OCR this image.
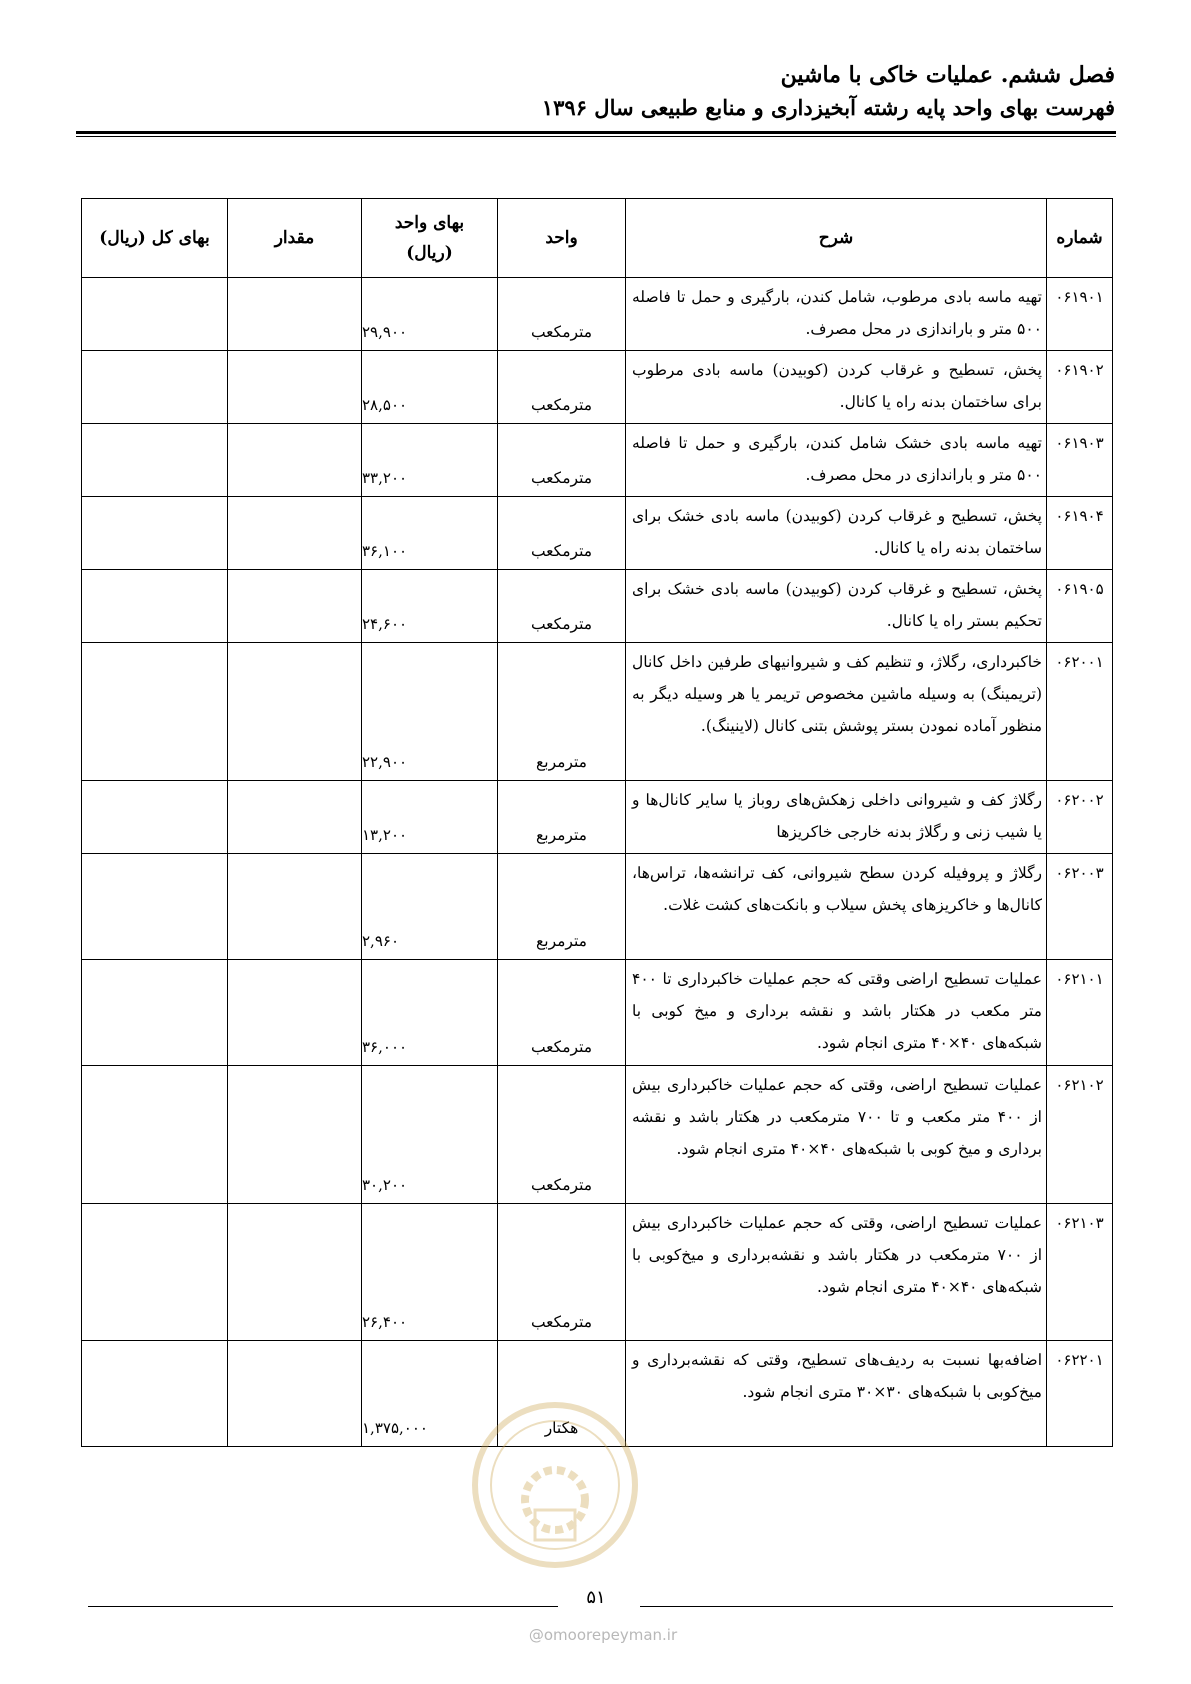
فصل ششم. عملیات خاکی با ماشین
فهرست بهای واحد پایه رشته آبخیزداری و منابع طبیعی سال ۱۳۹۶
شماره	شرح	واحد	بهای واحد (ریال)	مقدار	بهای کل (ریال)
۰۶۱۹۰۱	تهیه ماسه بادی مرطوب، شامل کندن، بارگیری و حمل تا فاصله ۵۰۰ متر و باراندازی در محل مصرف.	مترمکعب	۲۹,۹۰۰		
۰۶۱۹۰۲	پخش، تسطیح و غرقاب کردن (کوبیدن) ماسه بادی مرطوب برای ساختمان بدنه راه یا کانال.	مترمکعب	۲۸,۵۰۰		
۰۶۱۹۰۳	تهیه ماسه بادی خشک شامل کندن، بارگیری و حمل تا فاصله ۵۰۰ متر و باراندازی در محل مصرف.	مترمکعب	۳۳,۲۰۰		
۰۶۱۹۰۴	پخش، تسطیح و غرقاب کردن (کوبیدن) ماسه بادی خشک برای ساختمان بدنه راه یا کانال.	مترمکعب	۳۶,۱۰۰		
۰۶۱۹۰۵	پخش، تسطیح و غرقاب کردن (کوبیدن) ماسه بادی خشک برای تحکیم بستر راه یا کانال.	مترمکعب	۲۴,۶۰۰		
۰۶۲۰۰۱	خاکبرداری، رگلاژ، و تنظیم کف و شیروانیهای طرفین داخل کانال (تریمینگ) به وسیله ماشین مخصوص تریمر یا هر وسیله دیگر به منظور آماده نمودن بستر پوشش بتنی کانال (لاینینگ).	مترمربع	۲۲,۹۰۰		
۰۶۲۰۰۲	رگلاژ کف و شیروانی داخلی زهکش‌های روباز یا سایر کانال‌ها و یا شیب زنی و رگلاژ بدنه خارجی خاکریزها	مترمربع	۱۳,۲۰۰		
۰۶۲۰۰۳	رگلاژ و پروفیله کردن سطح شیروانی، کف ترانشه‌ها، تراس‌ها، کانال‌ها و خاکریزهای پخش سیلاب و بانکت‌های کشت غلات.	مترمربع	۲,۹۶۰		
۰۶۲۱۰۱	عملیات تسطیح اراضی وقتی که حجم عملیات خاکبرداری تا ۴۰۰ متر مکعب در هکتار باشد و نقشه برداری و میخ کوبی با شبکه‌های ۴۰×۴۰ متری انجام شود.	مترمکعب	۳۶,۰۰۰		
۰۶۲۱۰۲	عملیات تسطیح اراضی، وقتی که حجم عملیات خاکبرداری بیش از ۴۰۰ متر مکعب و تا ۷۰۰ مترمکعب در هکتار باشد و نقشه برداری و میخ کوبی با شبکه‌های ۴۰×۴۰ متری انجام شود.	مترمکعب	۳۰,۲۰۰		
۰۶۲۱۰۳	عملیات تسطیح اراضی، وقتی که حجم عملیات خاکبرداری بیش از ۷۰۰ مترمکعب در هکتار باشد و نقشه‌برداری و میخ‌کوبی با شبکه‌های ۴۰×۴۰ متری انجام شود.	مترمکعب	۲۶,۴۰۰		
۰۶۲۲۰۱	اضافه‌بها نسبت به ردیف‌های تسطیح، وقتی که نقشه‌برداری و میخ‌کوبی با شبکه‌های ۳۰×۳۰ متری انجام شود.	هکتار	۱,۳۷۵,۰۰۰		
۵۱
@omoorepeyman.ir
